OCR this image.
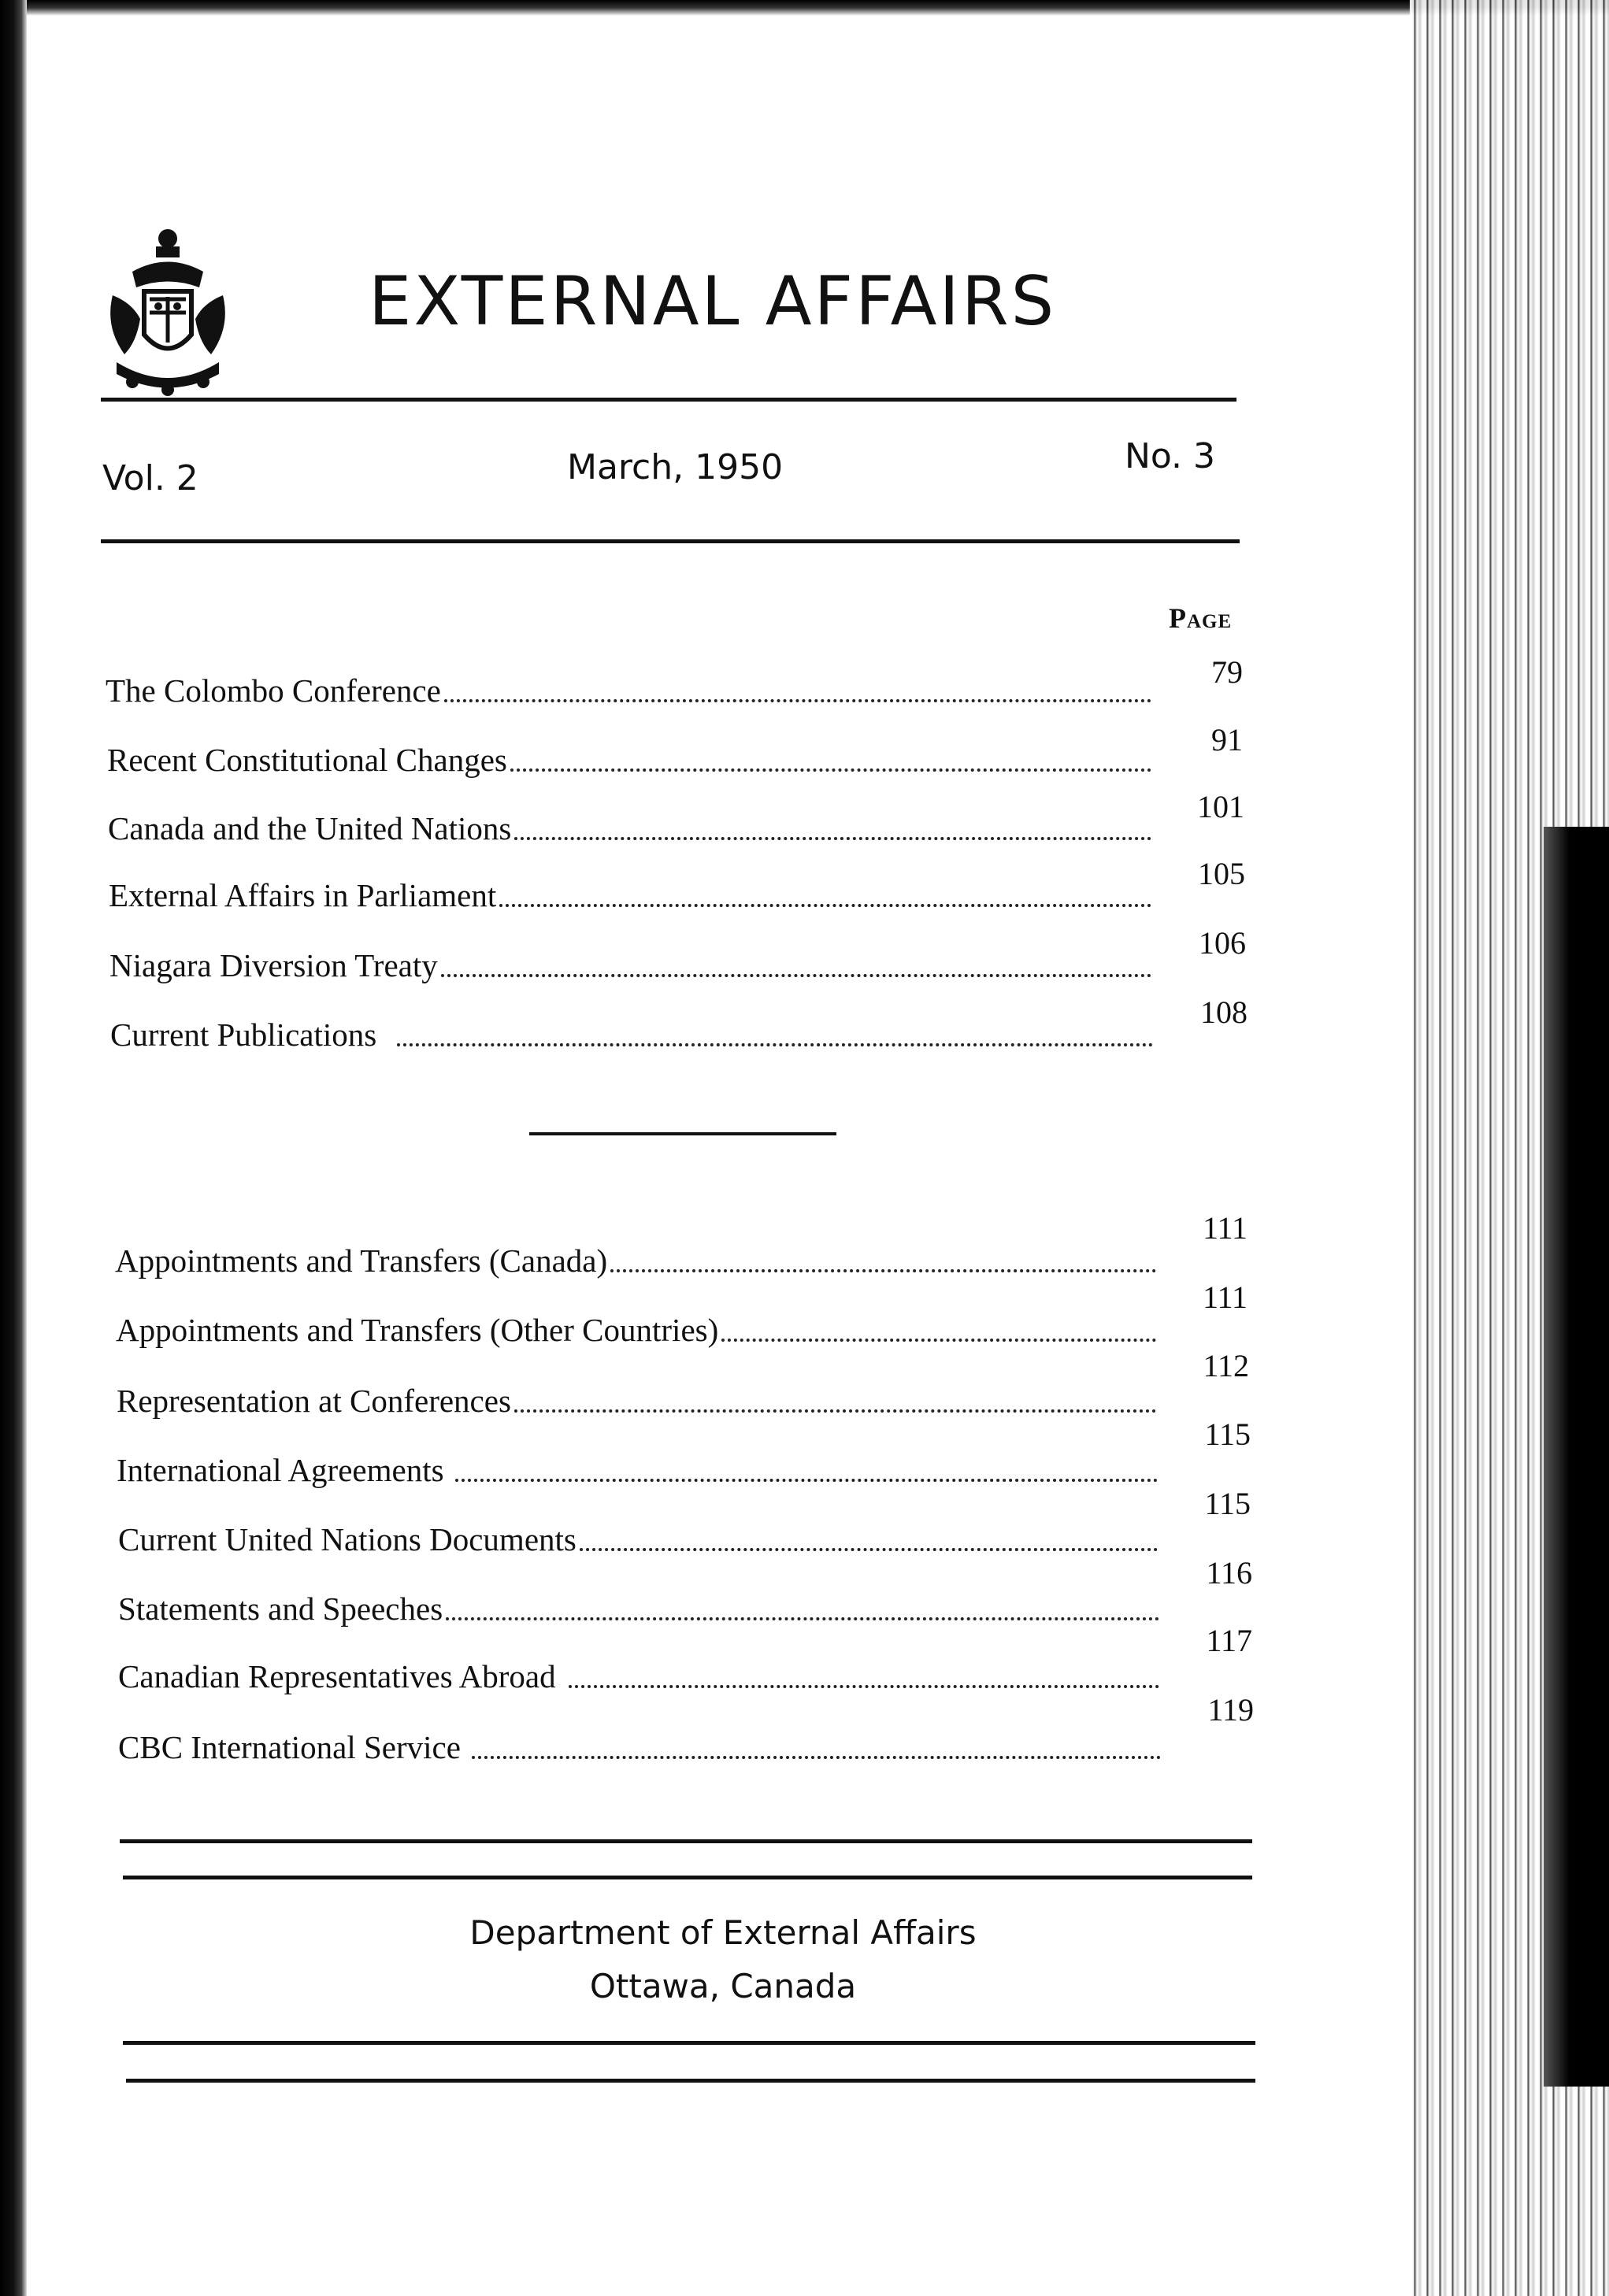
EXTERNAL AFFAIRS
Vol. 2	March, 1950	No. 3
Page
The Colombo Conference
79
Recent Constitutional Changes
91
Canada and the United Nations
101
External Affairs in Parliament
105
Niagara Diversion Treaty
106
Current Publications
108
Appointments and Transfers (Canada)
111
Appointments and Transfers (Other Countries)
111
Representation at Conferences
112
International Agreements
115
Current United Nations Documents
115
Statements and Speeches
116
Canadian Representatives Abroad
117
CBC International Service
119
Department of External Affairs
Ottawa, Canada
